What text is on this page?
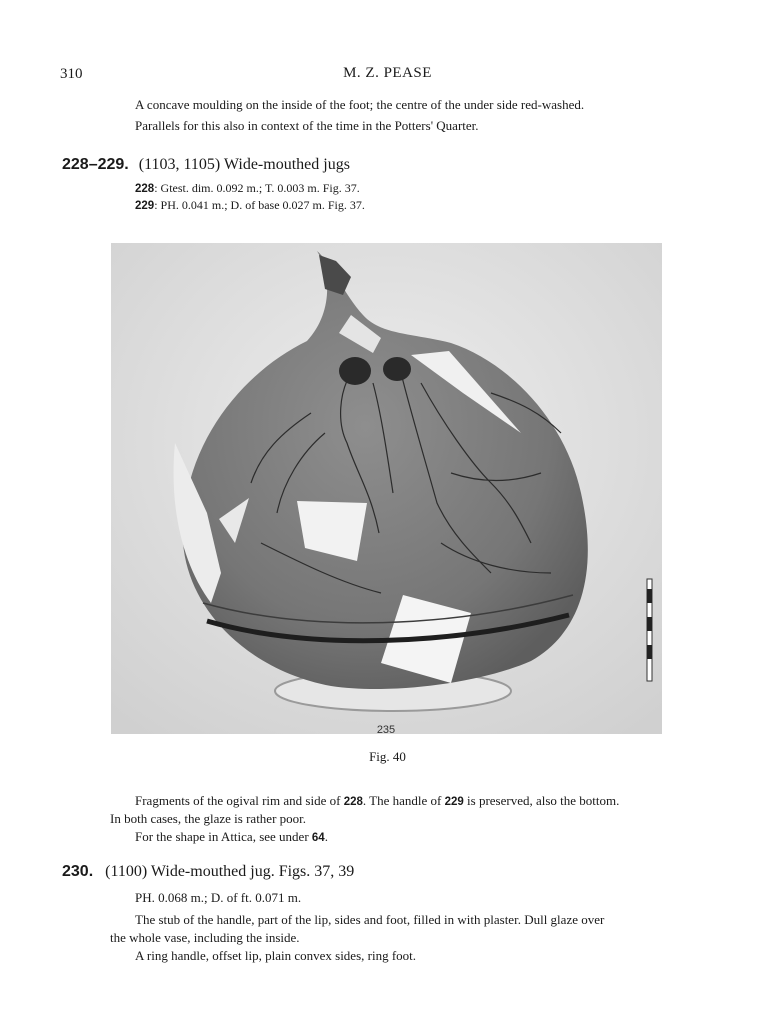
310	M. Z. PEASE
A concave moulding on the inside of the foot; the centre of the under side red-washed.
Parallels for this also in context of the time in the Potters' Quarter.
228–229. (1103, 1105) Wide-mouthed jugs
228: Gtest. dim. 0.092 m.; T. 0.003 m. Fig. 37.
229: PH. 0.041 m.; D. of base 0.027 m. Fig. 37.
235
Fig. 40
Fragments of the ogival rim and side of 228. The handle of 229 is preserved, also the bottom.
In both cases, the glaze is rather poor.
For the shape in Attica, see under 64.
230. (1100) Wide-mouthed jug. Figs. 37, 39
PH. 0.068 m.; D. of ft. 0.071 m.
The stub of the handle, part of the lip, sides and foot, filled in with plaster. Dull glaze over
the whole vase, including the inside.
A ring handle, offset lip, plain convex sides, ring foot.
